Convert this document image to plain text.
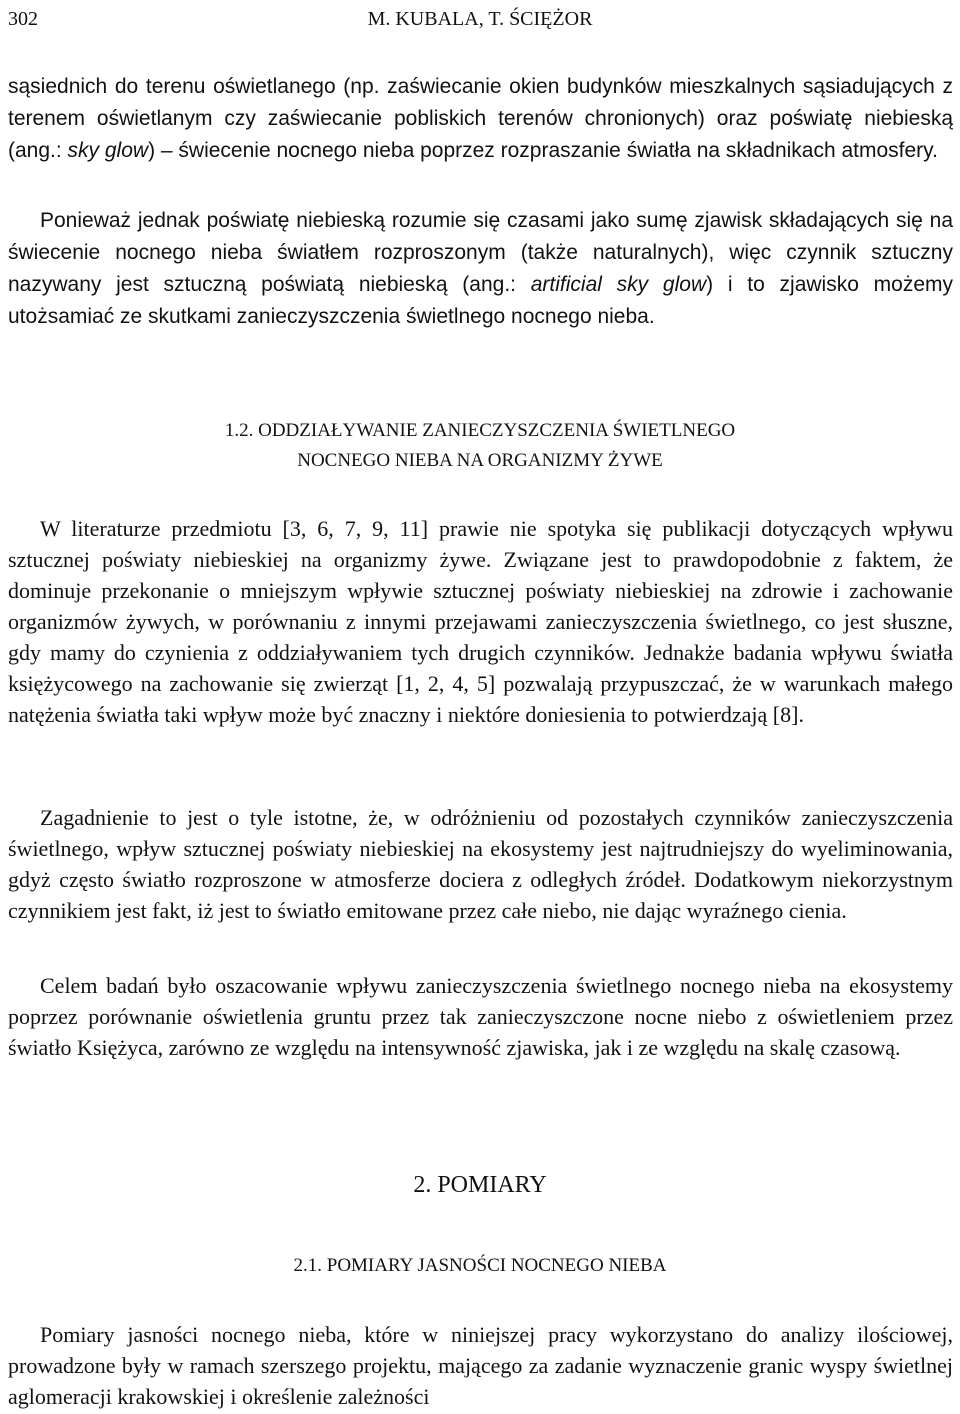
302	M. KUBALA, T. ŚCIĘŻOR
sąsiednich do terenu oświetlanego (np. zaświecanie okien budynków mieszkalnych sąsiadujących z terenem oświetlanym czy zaświecanie pobliskich terenów chronionych) oraz poświatę niebieską (ang.: sky glow) – świecenie nocnego nieba poprzez rozpraszanie światła na składnikach atmosfery.
Ponieważ jednak poświatę niebieską rozumie się czasami jako sumę zjawisk składających się na świecenie nocnego nieba światłem rozproszonym (także naturalnych), więc czynnik sztuczny nazywany jest sztuczną poświatą niebieską (ang.: artificial sky glow) i to zjawisko możemy utożsamiać ze skutkami zanieczyszczenia świetlnego nocnego nieba.
1.2. ODDZIAŁYWANIE ZANIECZYSZCZENIA ŚWIETLNEGO
NOCNEGO NIEBA NA ORGANIZMY ŻYWE
W literaturze przedmiotu [3, 6, 7, 9, 11] prawie nie spotyka się publikacji dotyczących wpływu sztucznej poświaty niebieskiej na organizmy żywe. Związane jest to prawdopodobnie z faktem, że dominuje przekonanie o mniejszym wpływie sztucznej poświaty niebieskiej na zdrowie i zachowanie organizmów żywych, w porównaniu z innymi przejawami zanieczyszczenia świetlnego, co jest słuszne, gdy mamy do czynienia z oddziaływaniem tych drugich czynników. Jednakże badania wpływu światła księżycowego na zachowanie się zwierząt [1, 2, 4, 5] pozwalają przypuszczać, że w warunkach małego natężenia światła taki wpływ może być znaczny i niektóre doniesienia to potwierdzają [8].
Zagadnienie to jest o tyle istotne, że, w odróżnieniu od pozostałych czynników zanieczyszczenia świetlnego, wpływ sztucznej poświaty niebieskiej na ekosystemy jest najtrudniejszy do wyeliminowania, gdyż często światło rozproszone w atmosferze dociera z odległych źródeł. Dodatkowym niekorzystnym czynnikiem jest fakt, iż jest to światło emitowane przez całe niebo, nie dając wyraźnego cienia.
Celem badań było oszacowanie wpływu zanieczyszczenia świetlnego nocnego nieba na ekosystemy poprzez porównanie oświetlenia gruntu przez tak zanieczyszczone nocne niebo z oświetleniem przez światło Księżyca, zarówno ze względu na intensywność zjawiska, jak i ze względu na skalę czasową.
2. POMIARY
2.1. POMIARY JASNOŚCI NOCNEGO NIEBA
Pomiary jasności nocnego nieba, które w niniejszej pracy wykorzystano do analizy ilościowej, prowadzone były w ramach szerszego projektu, mającego za zadanie wyznaczenie granic wyspy świetlnej aglomeracji krakowskiej i określenie zależności
